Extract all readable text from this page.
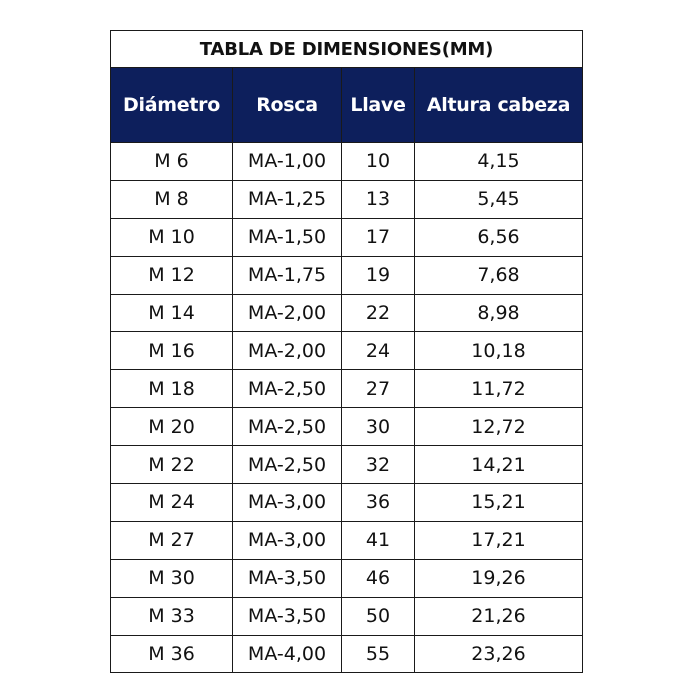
TABLA DE DIMENSIONES(MM)			
Diámetro	Rosca	Llave	Altura cabeza
M 6	MA-1,00	10	4,15
M 8	MA-1,25	13	5,45
M 10	MA-1,50	17	6,56
M 12	MA-1,75	19	7,68
M 14	MA-2,00	22	8,98
M 16	MA-2,00	24	10,18
M 18	MA-2,50	27	11,72
M 20	MA-2,50	30	12,72
M 22	MA-2,50	32	14,21
M 24	MA-3,00	36	15,21
M 27	MA-3,00	41	17,21
M 30	MA-3,50	46	19,26
M 33	MA-3,50	50	21,26
M 36	MA-4,00	55	23,26
